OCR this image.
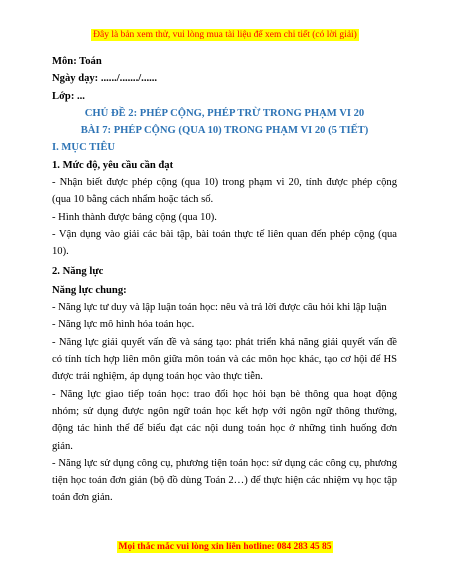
Đây là bản xem thử, vui lòng mua tài liệu để xem chi tiết (có lời giải)

Môn: Toán

Ngày dạy: ....../......./......

Lớp: ...

CHỦ ĐỀ 2: PHÉP CỘNG, PHÉP TRỪ TRONG PHẠM VI 20

BÀI 7: PHÉP CỘNG (QUA 10) TRONG PHẠM VI 20 (5 TIẾT)

I. MỤC TIÊU

1. Mức độ, yêu cầu cần đạt

- Nhận biết được phép cộng (qua 10) trong phạm vi 20, tính được phép cộng (qua 10 bằng cách nhẩm hoặc tách số.

- Hình thành được bảng cộng (qua 10).

- Vận dụng vào giải các bài tập, bài toán thực tế liên quan đến phép cộng (qua 10).

2. Năng lực

Năng lực chung:

- Năng lực tư duy và lập luận toán học: nêu và trả lời được câu hỏi khi lập luận

- Năng lực mô hình hóa toán học.

- Năng lực giải quyết vấn đề và sáng tạo: phát triển khả năng giải quyết vấn đề có tính tích hợp liên môn giữa môn toán và các môn học khác, tạo cơ hội để HS được trải nghiệm, áp dụng toán học vào thực tiễn.

- Năng lực giao tiếp toán học: trao đổi học hỏi bạn bè thông qua hoạt động nhóm; sử dụng được ngôn ngữ toán học kết hợp với ngôn ngữ thông thường, động tác hình thể để biểu đạt các nội dung toán học ở những tình huống đơn giản.

- Năng lực sử dụng công cụ, phương tiện toán học: sử dụng các công cụ, phương tiện học toán đơn giản (bộ đồ dùng Toán 2…) để thực hiện các nhiệm vụ học tập toán đơn giản.

Mọi thắc mắc vui lòng xin liên hotline: 084 283 45 85
